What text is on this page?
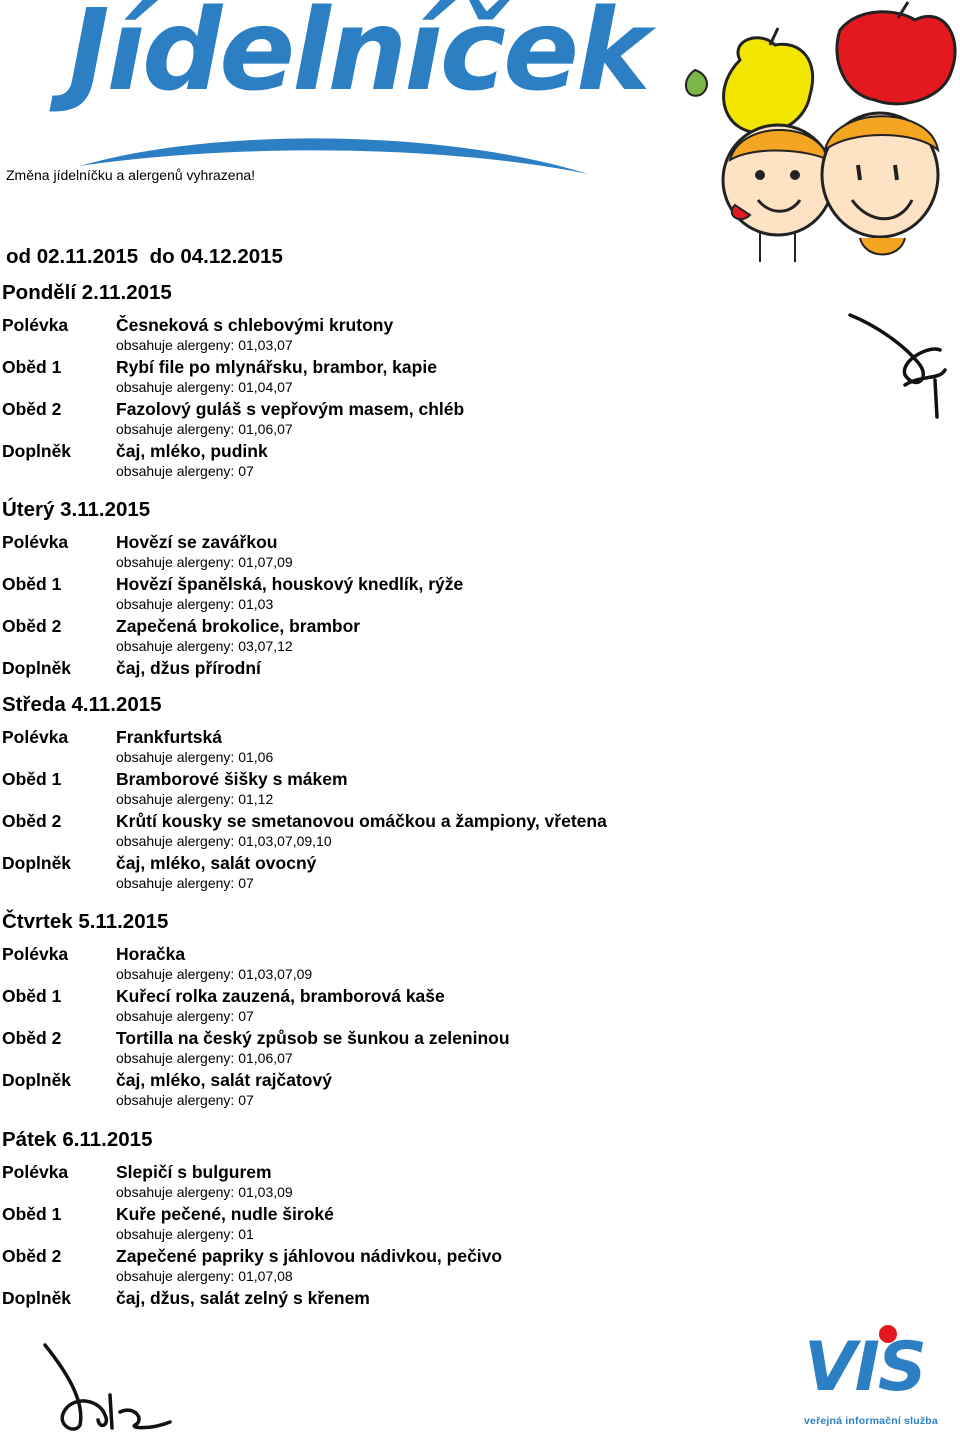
Jídelníček
Změna jídelníčku a alergenů vyhrazena!
od 02.11.2015  do 04.12.2015
Pondělí 2.11.2015
Polévka	Česneková s chlebovými krutony
obsahuje alergeny: 01,03,07
Oběd 1	Rybí file po mlynářsku, brambor, kapie
obsahuje alergeny: 01,04,07
Oběd 2	Fazolový guláš s vepřovým masem, chléb
obsahuje alergeny: 01,06,07
Doplněk	čaj, mléko, pudink
obsahuje alergeny: 07
Úterý 3.11.2015
Polévka	Hovězí se zavářkou
obsahuje alergeny: 01,07,09
Oběd 1	Hovězí španělská, houskový knedlík, rýže
obsahuje alergeny: 01,03
Oběd 2	Zapečená brokolice, brambor
obsahuje alergeny: 03,07,12
Doplněk	čaj, džus přírodní
Středa 4.11.2015
Polévka	Frankfurtská
obsahuje alergeny: 01,06
Oběd 1	Bramborové šišky s mákem
obsahuje alergeny: 01,12
Oběd 2	Krůtí kousky se smetanovou omáčkou a žampiony, vřetena
obsahuje alergeny: 01,03,07,09,10
Doplněk	čaj, mléko, salát ovocný
obsahuje alergeny: 07
Čtvrtek 5.11.2015
Polévka	Horačka
obsahuje alergeny: 01,03,07,09
Oběd 1	Kuřecí rolka zauzená, bramborová kaše
obsahuje alergeny: 07
Oběd 2	Tortilla na český způsob se šunkou a zeleninou
obsahuje alergeny: 01,06,07
Doplněk	čaj, mléko, salát rajčatový
obsahuje alergeny: 07
Pátek 6.11.2015
Polévka	Slepičí s bulgurem
obsahuje alergeny: 01,03,09
Oběd 1	Kuře pečené, nudle široké
obsahuje alergeny: 01
Oběd 2	Zapečené papriky s jáhlovou nádivkou, pečivo
obsahuje alergeny: 01,07,08
Doplněk	čaj, džus, salát zelný s křenem
VIS
veřejná informační služba
